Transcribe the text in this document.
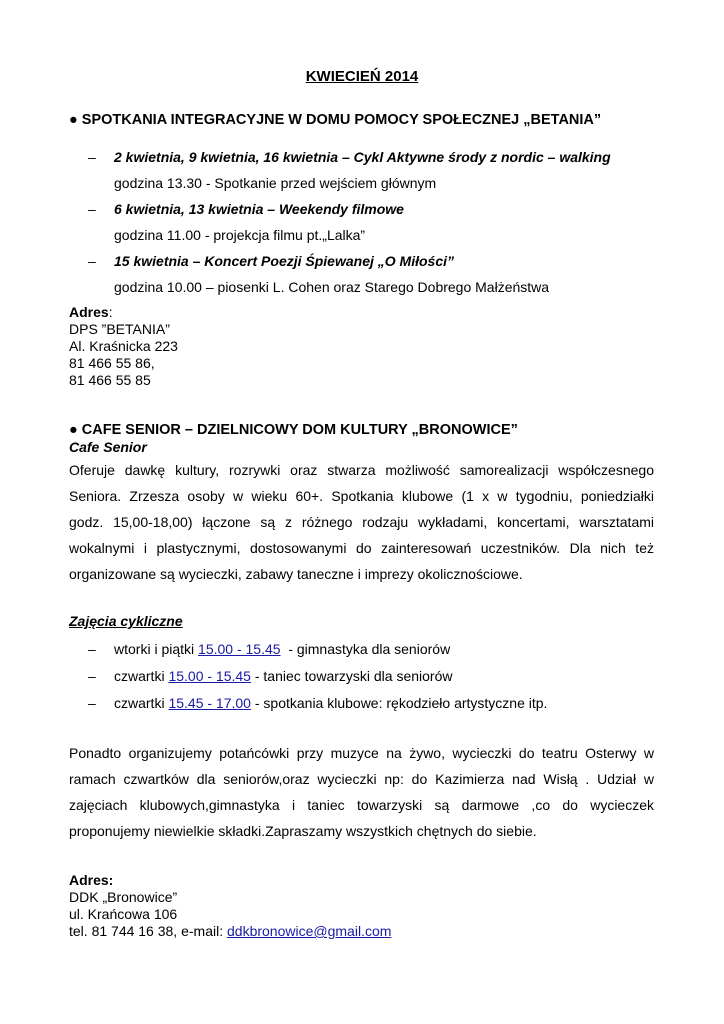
KWIECIEŃ 2014
● SPOTKANIA INTEGRACYJNE W DOMU POMOCY SPOŁECZNEJ „BETANIA”
– 2 kwietnia, 9 kwietnia, 16 kwietnia – Cykl Aktywne środy z nordic – walking
godzina 13.30 - Spotkanie przed wejściem głównym
– 6 kwietnia, 13 kwietnia – Weekendy filmowe
godzina 11.00 - projekcja filmu pt.„Lalka”
– 15 kwietnia – Koncert Poezji Śpiewanej „O Miłości”
godzina 10.00 – piosenki L. Cohen oraz Starego Dobrego Małżeństwa
Adres:
DPS ”BETANIA”
Al. Kraśnicka 223
81 466 55 86,
81 466 55 85
● CAFE SENIOR – DZIELNICOWY DOM KULTURY „BRONOWICE”
Cafe Senior
Oferuje dawkę kultury, rozrywki oraz stwarza możliwość samorealizacji współczesnego
Seniora. Zrzesza osoby w wieku 60+. Spotkania klubowe (1 x w tygodniu, poniedziałki
godz. 15,00-18,00) łączone są z różnego rodzaju wykładami, koncertami, warsztatami
wokalnymi i plastycznymi, dostosowanymi do zainteresowań uczestników. Dla nich też
organizowane są wycieczki, zabawy taneczne i imprezy okolicznościowe.
Zajęcia cykliczne
– wtorki i piątki 15.00 - 15.45  - gimnastyka dla seniorów
– czwartki 15.00 - 15.45 - taniec towarzyski dla seniorów
– czwartki 15.45 - 17.00 - spotkania klubowe: rękodzieło artystyczne itp.
Ponadto organizujemy potańcówki przy muzyce na żywo, wycieczki do teatru Osterwy w
ramach czwartków dla seniorów,oraz wycieczki np: do Kazimierza nad Wisłą . Udział w
zajęciach klubowych,gimnastyka i taniec towarzyski są darmowe ,co do wycieczek
proponujemy niewielkie składki.Zapraszamy wszystkich chętnych do siebie.
Adres:
DDK „Bronowice”
ul. Krańcowa 106
tel. 81 744 16 38, e-mail: ddkbronowice@gmail.com
